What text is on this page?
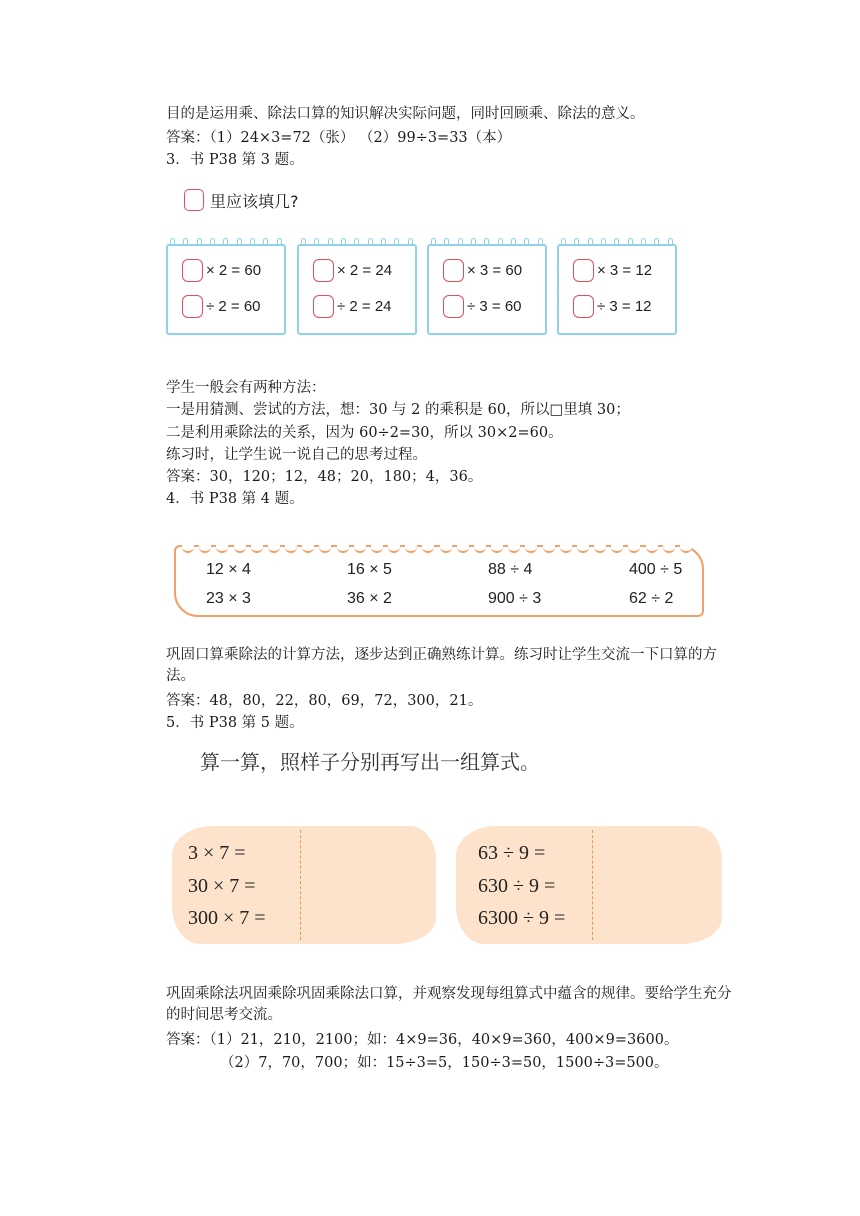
目的是运用乘、除法口算的知识解决实际问题，同时回顾乘、除法的意义。
答案：（1）24×3=72（张） （2）99÷3=33（本）
3．书 P38 第 3 题。
里应该填几?
× 2 = 60
÷ 2 = 60
× 2 = 24
÷ 2 = 24
× 3 = 60
÷ 3 = 60
× 3 = 12
÷ 3 = 12
学生一般会有两种方法：
一是用猜测、尝试的方法，想：30 与 2 的乘积是 60，所以□里填 30；
二是利用乘除法的关系，因为 60÷2=30，所以 30×2=60。
练习时，让学生说一说自己的思考过程。
答案：30，120；12，48；20，180；4，36。
4．书 P38 第 4 题。
12 × 4	16 × 5	88 ÷ 4	400 ÷ 5
23 × 3	36 × 2	900 ÷ 3	62 ÷ 2
巩固口算乘除法的计算方法，逐步达到正确熟练计算。练习时让学生交流一下口算的方法。
答案：48，80，22，80，69，72，300，21。
5．书 P38 第 5 题。
算一算，照样子分别再写出一组算式。
3 × 7 =
30 × 7 =
300 × 7 =
63 ÷ 9 =
630 ÷ 9 =
6300 ÷ 9 =
巩固乘除法巩固乘除巩固乘除法口算，并观察发现每组算式中蕴含的规律。要给学生充分的时间思考交流。
答案：（1）21，210，2100；如：4×9=36，40×9=360，400×9=3600。
（2）7，70，700；如：15÷3=5，150÷3=50，1500÷3=500。
